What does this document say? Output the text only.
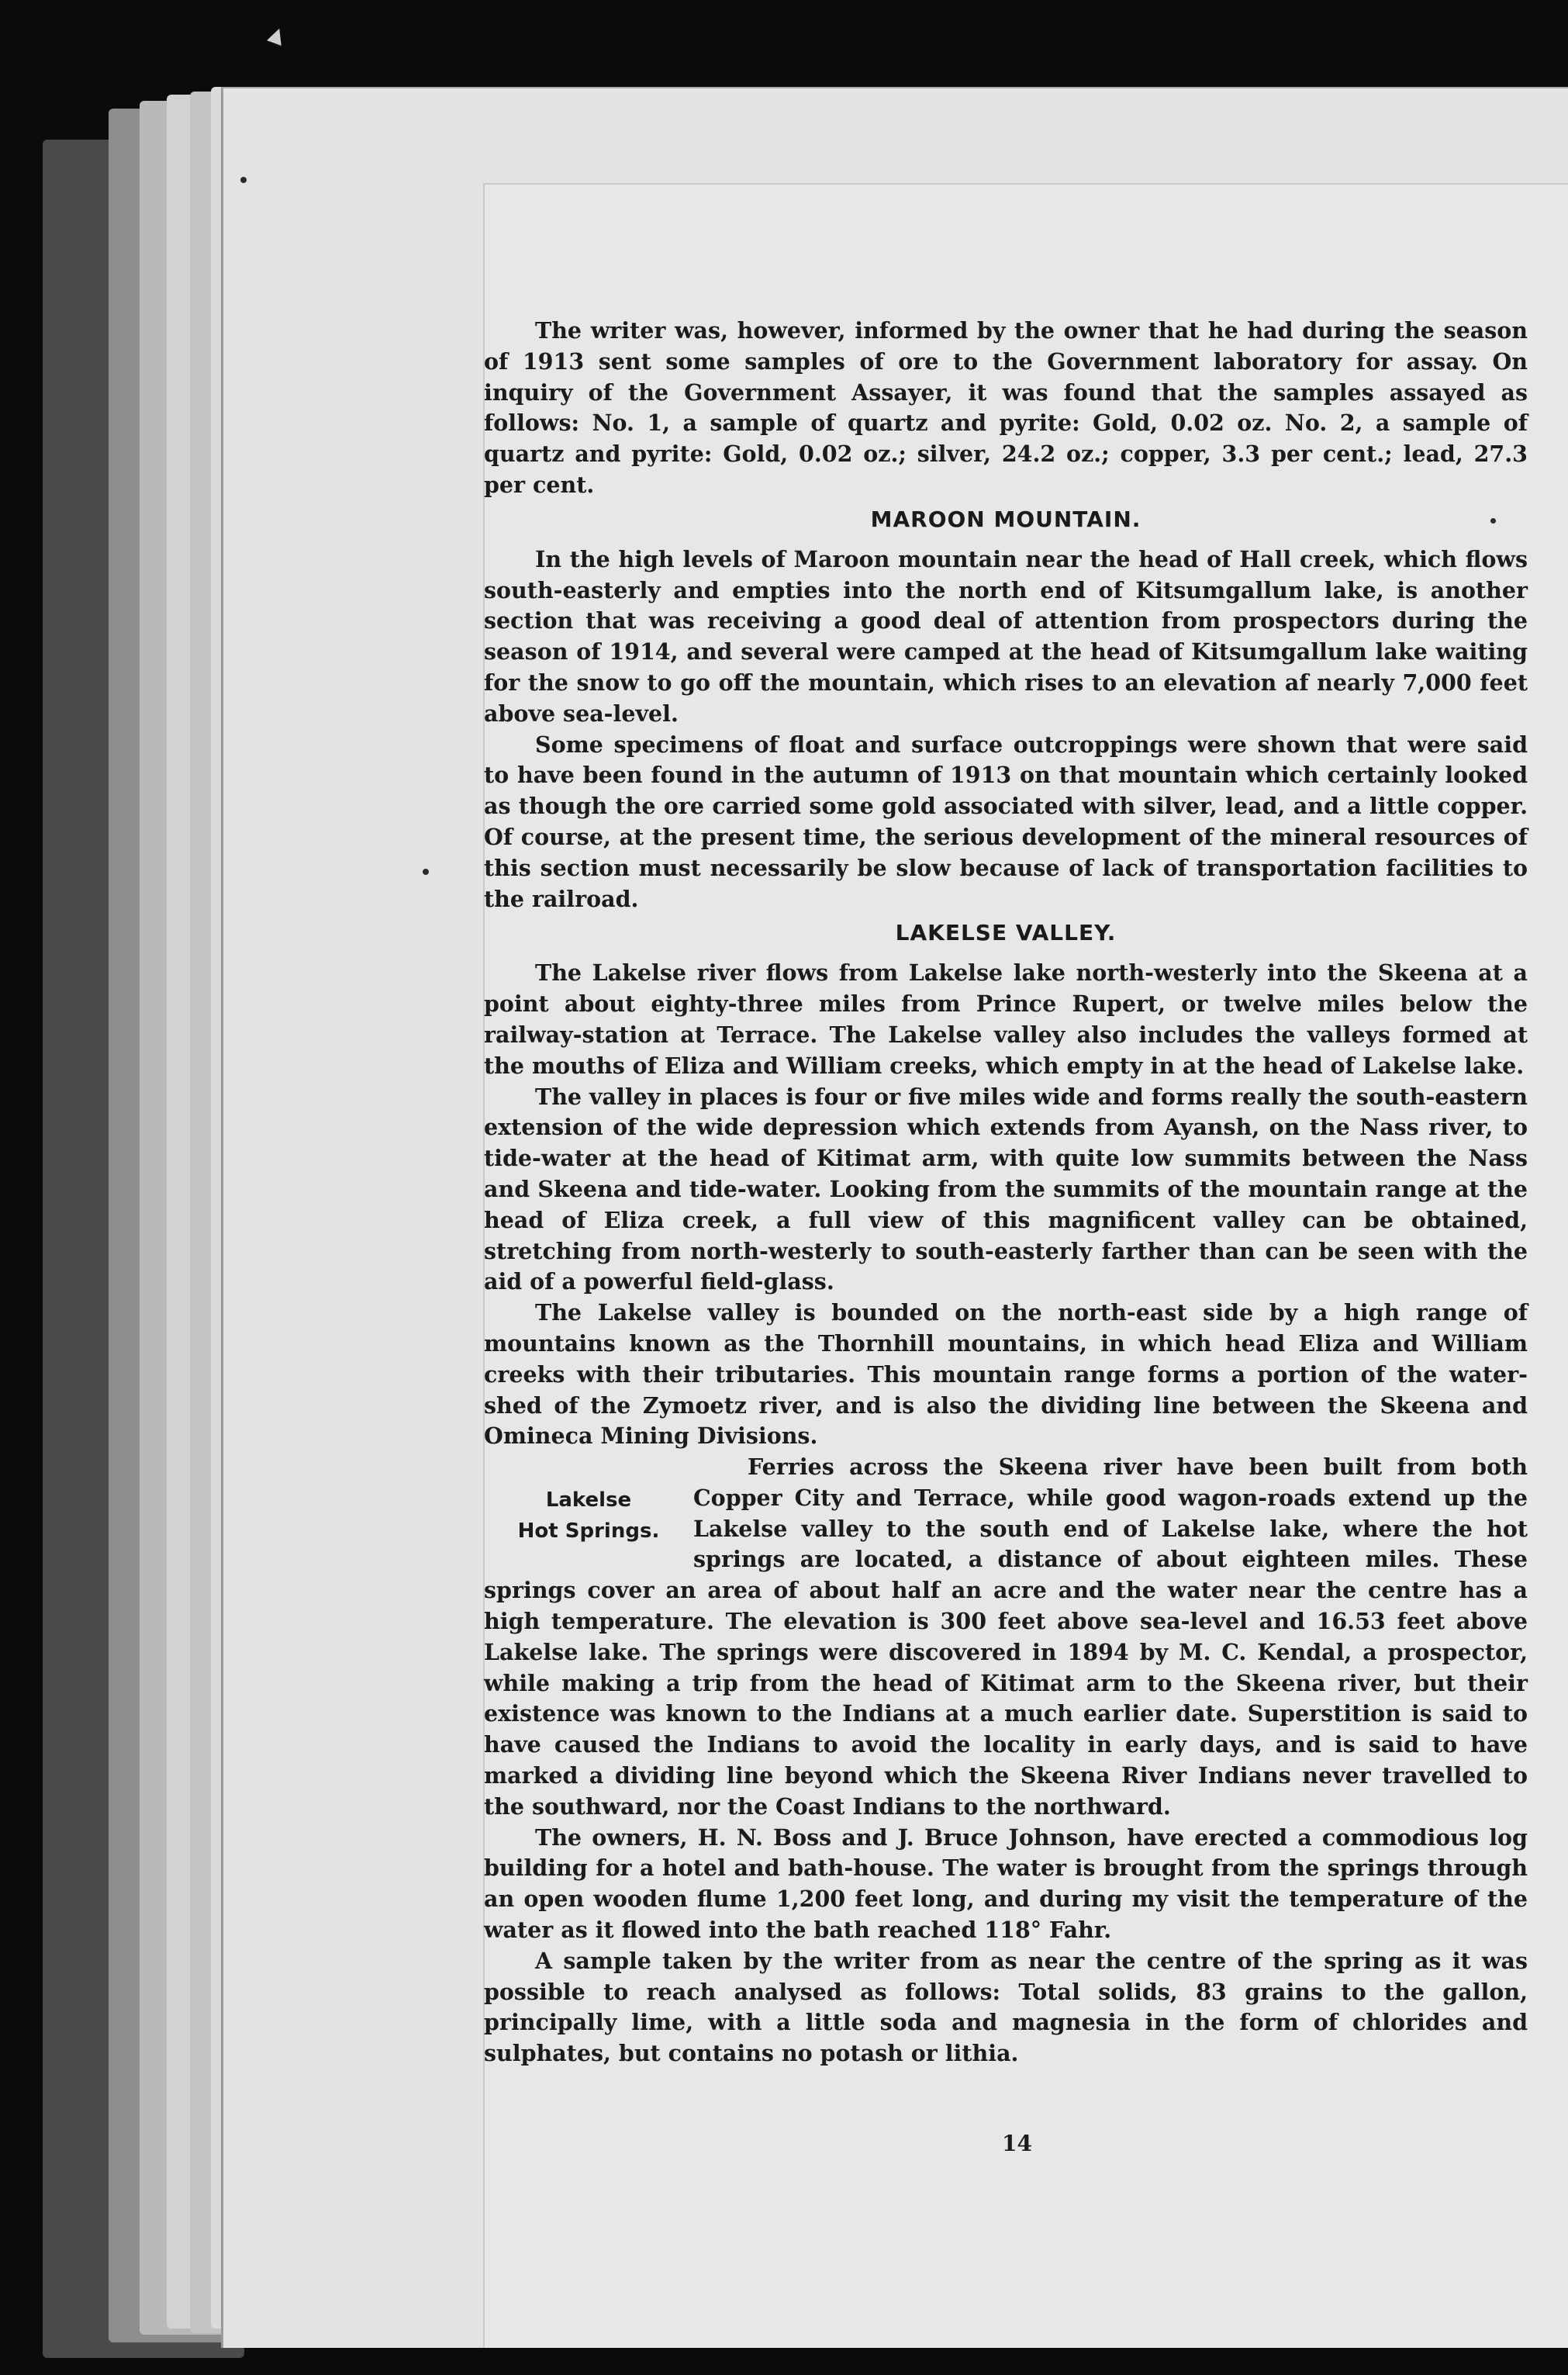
▲

The writer was, however, informed by the owner that he had during the season of 1913 sent some samples of ore to the Government laboratory for assay. On inquiry of the Government Assayer, it was found that the samples assayed as follows: No. 1, a sample of quartz and pyrite: Gold, 0.02 oz. No. 2, a sample of quartz and pyrite: Gold, 0.02 oz.; silver, 24.2 oz.; copper, 3.3 per cent.; lead, 27.3 per cent.

MAROON MOUNTAIN.

In the high levels of Maroon mountain near the head of Hall creek, which flows south-easterly and empties into the north end of Kitsumgallum lake, is another section that was receiving a good deal of attention from prospectors during the season of 1914, and several were camped at the head of Kitsumgallum lake waiting for the snow to go off the mountain, which rises to an elevation af nearly 7,000 feet above sea-level.

Some specimens of float and surface outcroppings were shown that were said to have been found in the autumn of 1913 on that mountain which certainly looked as though the ore carried some gold associated with silver, lead, and a little copper. Of course, at the present time, the serious development of the mineral resources of this section must necessarily be slow because of lack of transportation facilities to the railroad.

LAKELSE VALLEY.

The Lakelse river flows from Lakelse lake north-westerly into the Skeena at a point about eighty-three miles from Prince Rupert, or twelve miles below the railway-station at Terrace. The Lakelse valley also includes the valleys formed at the mouths of Eliza and William creeks, which empty in at the head of Lakelse lake.

The valley in places is four or five miles wide and forms really the south-eastern extension of the wide depression which extends from Ayansh, on the Nass river, to tide-water at the head of Kitimat arm, with quite low summits between the Nass and Skeena and tide-water. Looking from the summits of the mountain range at the head of Eliza creek, a full view of this magnificent valley can be obtained, stretching from north-westerly to south-easterly farther than can be seen with the aid of a powerful field-glass.

The Lakelse valley is bounded on the north-east side by a high range of mountains known as the Thornhill mountains, in which head Eliza and William creeks with their tributaries. This mountain range forms a portion of the water-shed of the Zymoetz river, and is also the dividing line between the Skeena and Omineca Mining Divisions.

Lakelse
Hot Springs.

Ferries across the Skeena river have been built from both Copper City and Terrace, while good wagon-roads extend up the Lakelse valley to the south end of Lakelse lake, where the hot springs are located, a distance of about eighteen miles. These springs cover an area of about half an acre and the water near the centre has a high temperature. The elevation is 300 feet above sea-level and 16.53 feet above Lakelse lake. The springs were discovered in 1894 by M. C. Kendal, a prospector, while making a trip from the head of Kitimat arm to the Skeena river, but their existence was known to the Indians at a much earlier date. Superstition is said to have caused the Indians to avoid the locality in early days, and is said to have marked a dividing line beyond which the Skeena River Indians never travelled to the southward, nor the Coast Indians to the northward.

The owners, H. N. Boss and J. Bruce Johnson, have erected a commodious log building for a hotel and bath-house. The water is brought from the springs through an open wooden flume 1,200 feet long, and during my visit the temperature of the water as it flowed into the bath reached 118° Fahr.

A sample taken by the writer from as near the centre of the spring as it was possible to reach analysed as follows: Total solids, 83 grains to the gallon, principally lime, with a little soda and magnesia in the form of chlorides and sulphates, but contains no potash or lithia.

14
